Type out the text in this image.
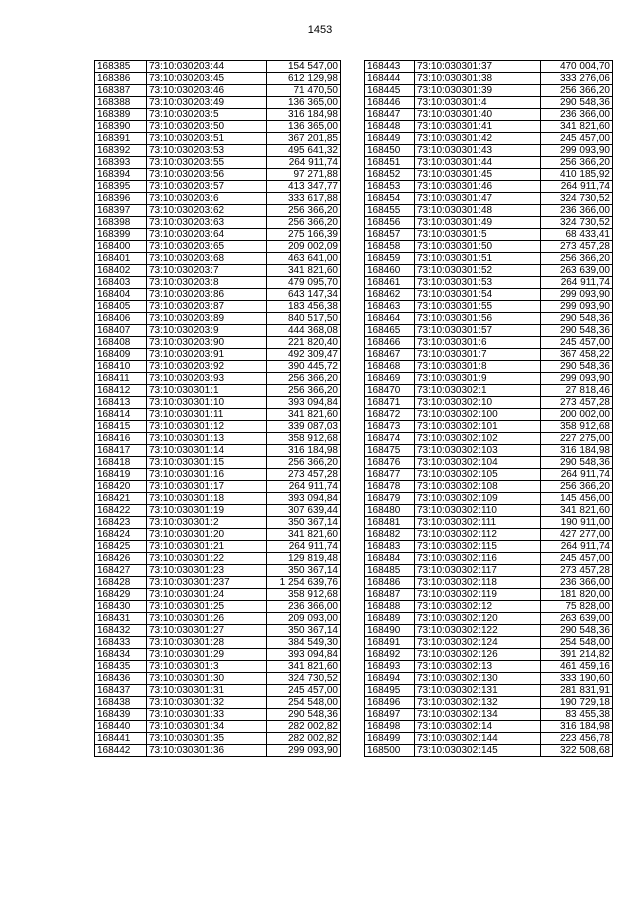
1453
168385	73:10:030203:44	154 547,00
168386	73:10:030203:45	612 129,98
168387	73:10:030203:46	71 470,50
168388	73:10:030203:49	136 365,00
168389	73:10:030203:5	316 184,98
168390	73:10:030203:50	136 365,00
168391	73:10:030203:51	367 201,85
168392	73:10:030203:53	495 641,32
168393	73:10:030203:55	264 911,74
168394	73:10:030203:56	97 271,88
168395	73:10:030203:57	413 347,77
168396	73:10:030203:6	333 617,88
168397	73:10:030203:62	256 366,20
168398	73:10:030203:63	256 366,20
168399	73:10:030203:64	275 166,39
168400	73:10:030203:65	209 002,09
168401	73:10:030203:68	463 641,00
168402	73:10:030203:7	341 821,60
168403	73:10:030203:8	479 095,70
168404	73:10:030203:86	643 147,34
168405	73:10:030203:87	183 456,38
168406	73:10:030203:89	840 517,50
168407	73:10:030203:9	444 368,08
168408	73:10:030203:90	221 820,40
168409	73:10:030203:91	492 309,47
168410	73:10:030203:92	390 445,72
168411	73:10:030203:93	256 366,20
168412	73:10:030301:1	256 366,20
168413	73:10:030301:10	393 094,84
168414	73:10:030301:11	341 821,60
168415	73:10:030301:12	339 087,03
168416	73:10:030301:13	358 912,68
168417	73:10:030301:14	316 184,98
168418	73:10:030301:15	256 366,20
168419	73:10:030301:16	273 457,28
168420	73:10:030301:17	264 911,74
168421	73:10:030301:18	393 094,84
168422	73:10:030301:19	307 639,44
168423	73:10:030301:2	350 367,14
168424	73:10:030301:20	341 821,60
168425	73:10:030301:21	264 911,74
168426	73:10:030301:22	129 819,48
168427	73:10:030301:23	350 367,14
168428	73:10:030301:237	1 254 639,76
168429	73:10:030301:24	358 912,68
168430	73:10:030301:25	236 366,00
168431	73:10:030301:26	209 093,00
168432	73:10:030301:27	350 367,14
168433	73:10:030301:28	384 549,30
168434	73:10:030301:29	393 094,84
168435	73:10:030301:3	341 821,60
168436	73:10:030301:30	324 730,52
168437	73:10:030301:31	245 457,00
168438	73:10:030301:32	254 548,00
168439	73:10:030301:33	290 548,36
168440	73:10:030301:34	282 002,82
168441	73:10:030301:35	282 002,82
168442	73:10:030301:36	299 093,90
168443	73:10:030301:37	470 004,70
168444	73:10:030301:38	333 276,06
168445	73:10:030301:39	256 366,20
168446	73:10:030301:4	290 548,36
168447	73:10:030301:40	236 366,00
168448	73:10:030301:41	341 821,60
168449	73:10:030301:42	245 457,00
168450	73:10:030301:43	299 093,90
168451	73:10:030301:44	256 366,20
168452	73:10:030301:45	410 185,92
168453	73:10:030301:46	264 911,74
168454	73:10:030301:47	324 730,52
168455	73:10:030301:48	236 366,00
168456	73:10:030301:49	324 730,52
168457	73:10:030301:5	68 433,41
168458	73:10:030301:50	273 457,28
168459	73:10:030301:51	256 366,20
168460	73:10:030301:52	263 639,00
168461	73:10:030301:53	264 911,74
168462	73:10:030301:54	299 093,90
168463	73:10:030301:55	299 093,90
168464	73:10:030301:56	290 548,36
168465	73:10:030301:57	290 548,36
168466	73:10:030301:6	245 457,00
168467	73:10:030301:7	367 458,22
168468	73:10:030301:8	290 548,36
168469	73:10:030301:9	299 093,90
168470	73:10:030302:1	27 818,46
168471	73:10:030302:10	273 457,28
168472	73:10:030302:100	200 002,00
168473	73:10:030302:101	358 912,68
168474	73:10:030302:102	227 275,00
168475	73:10:030302:103	316 184,98
168476	73:10:030302:104	290 548,36
168477	73:10:030302:105	264 911,74
168478	73:10:030302:108	256 366,20
168479	73:10:030302:109	145 456,00
168480	73:10:030302:110	341 821,60
168481	73:10:030302:111	190 911,00
168482	73:10:030302:112	427 277,00
168483	73:10:030302:115	264 911,74
168484	73:10:030302:116	245 457,00
168485	73:10:030302:117	273 457,28
168486	73:10:030302:118	236 366,00
168487	73:10:030302:119	181 820,00
168488	73:10:030302:12	75 828,00
168489	73:10:030302:120	263 639,00
168490	73:10:030302:122	290 548,36
168491	73:10:030302:124	254 548,00
168492	73:10:030302:126	391 214,82
168493	73:10:030302:13	461 459,16
168494	73:10:030302:130	333 190,60
168495	73:10:030302:131	281 831,91
168496	73:10:030302:132	190 729,18
168497	73:10:030302:134	83 455,38
168498	73:10:030302:14	316 184,98
168499	73:10:030302:144	223 456,78
168500	73:10:030302:145	322 508,68
